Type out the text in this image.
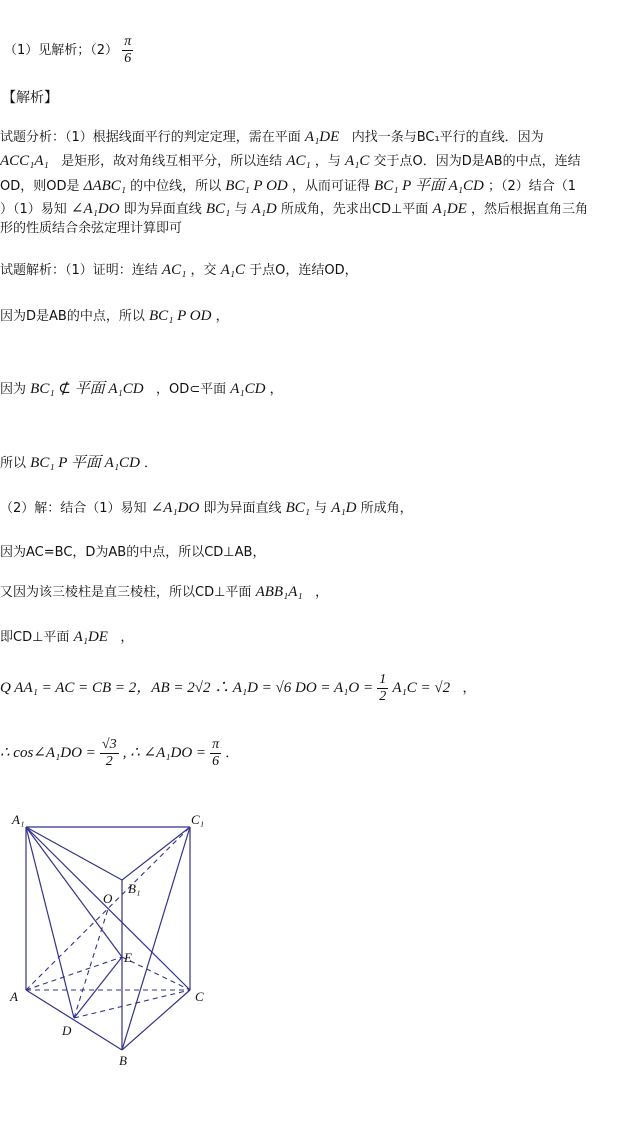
（1）见解析；$(2) \frac{\pi}{6}$
【解析】
试题分析：（1）根据线面平行的判定定理，需在平面 A₁DE 内找一条与BC₁平行的直线．因为
ACC₁A₁ 是矩形，故对角线互相平分，所以连结 AC₁ ，与 A₁C 交于点O．因为D是AB的中点，连结
OD，则OD是 ΔABC₁ 的中位线，所以 BC₁ P OD ，从而可证得 BC₁ P 平面 A₁CD ；（2）结合（1
）（1）易知 ∠A₁DO 即为异面直线 BC₁ 与 A₁D 所成角，先求出CD⊥平面 A₁DE ，然后根据直角三角
形的性质结合余弦定理计算即可
试题解析：（1）证明：连结 AC₁ ，交 A₁C 于点O，连结OD，
因为D是AB的中点，所以 BC₁ P OD ，
因为 BC₁ ⊄ 平面 A₁CD ，OD⊂平面 A₁CD ，
所以 BC₁ P 平面 A₁CD ．
（2）解：结合（1）易知 ∠A₁DO 即为异面直线 BC₁ 与 A₁D 所成角，
因为AC=BC，D为AB的中点，所以CD⊥AB，
又因为该三棱柱是直三棱柱，所以CD⊥平面 ABB₁A₁ ，
即CD⊥平面 A₁DE ，
Q AA₁ = AC = CB = 2，AB = 2√2 ∴ A₁D = √6 DO = $A_1O = \frac{1}{2} A_1C = √2$ ，
∴ cos∠A₁DO = $\frac{√3}{2}$ , ∴ ∠A₁DO = $\frac{\pi}{6}$ ．
A₁	C₁
B₁
O
E
A	C
D
B
